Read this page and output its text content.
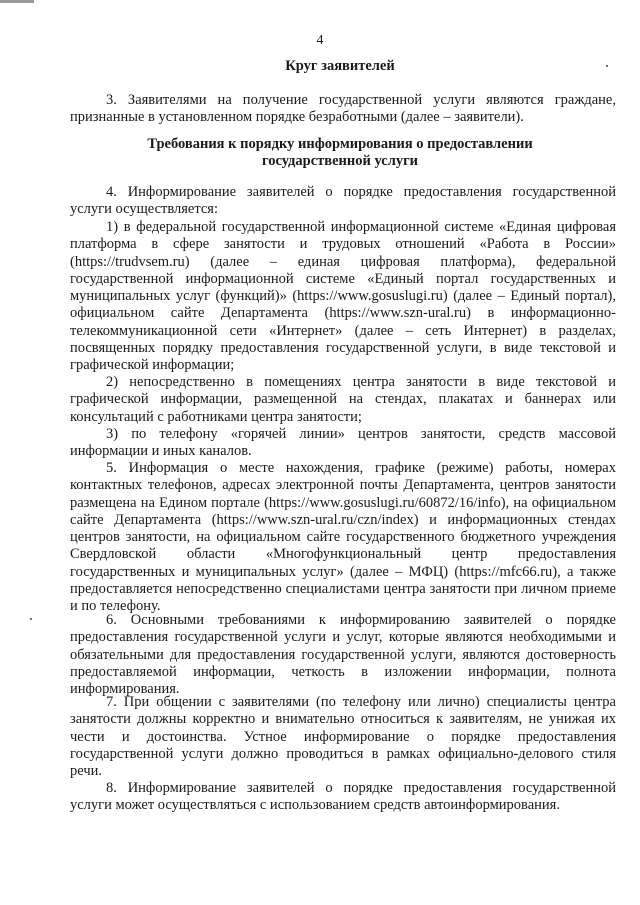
4
Круг заявителей
3. Заявителями на получение государственной услуги являются граждане, признанные в установленном порядке безработными (далее – заявители).
Требования к порядку информирования о предоставлении государственной услуги
4. Информирование заявителей о порядке предоставления государственной услуги осуществляется:
1) в федеральной государственной информационной системе «Единая цифровая платформа в сфере занятости и трудовых отношений «Работа в России» (https://trudvsem.ru) (далее – единая цифровая платформа), федеральной государственной информационной системе «Единый портал государственных и муниципальных услуг (функций)» (https://www.gosuslugi.ru) (далее – Единый портал), официальном сайте Департамента (https://www.szn-ural.ru) в информационно-телекоммуникационной сети «Интернет» (далее – сеть Интернет) в разделах, посвященных порядку предоставления государственной услуги, в виде текстовой и графической информации;
2) непосредственно в помещениях центра занятости в виде текстовой и графической информации, размещенной на стендах, плакатах и баннерах или консультаций с работниками центра занятости;
3) по телефону «горячей линии» центров занятости, средств массовой информации и иных каналов.
5. Информация о месте нахождения, графике (режиме) работы, номерах контактных телефонов, адресах электронной почты Департамента, центров занятости размещена на Едином портале (https://www.gosuslugi.ru/60872/16/info), на официальном сайте Департамента (https://www.szn-ural.ru/czn/index) и информационных стендах центров занятости, на официальном сайте государственного бюджетного учреждения Свердловской области «Многофункциональный центр предоставления государственных и муниципальных услуг» (далее – МФЦ) (https://mfc66.ru), а также предоставляется непосредственно специалистами центра занятости при личном приеме и по телефону.
6. Основными требованиями к информированию заявителей о порядке предоставления государственной услуги и услуг, которые являются необходимыми и обязательными для предоставления государственной услуги, являются достоверность предоставляемой информации, четкость в изложении информации, полнота информирования.
7. При общении с заявителями (по телефону или лично) специалисты центра занятости должны корректно и внимательно относиться к заявителям, не унижая их чести и достоинства. Устное информирование о порядке предоставления государственной услуги должно проводиться в рамках официально-делового стиля речи.
8. Информирование заявителей о порядке предоставления государственной услуги может осуществляться с использованием средств автоинформирования.
